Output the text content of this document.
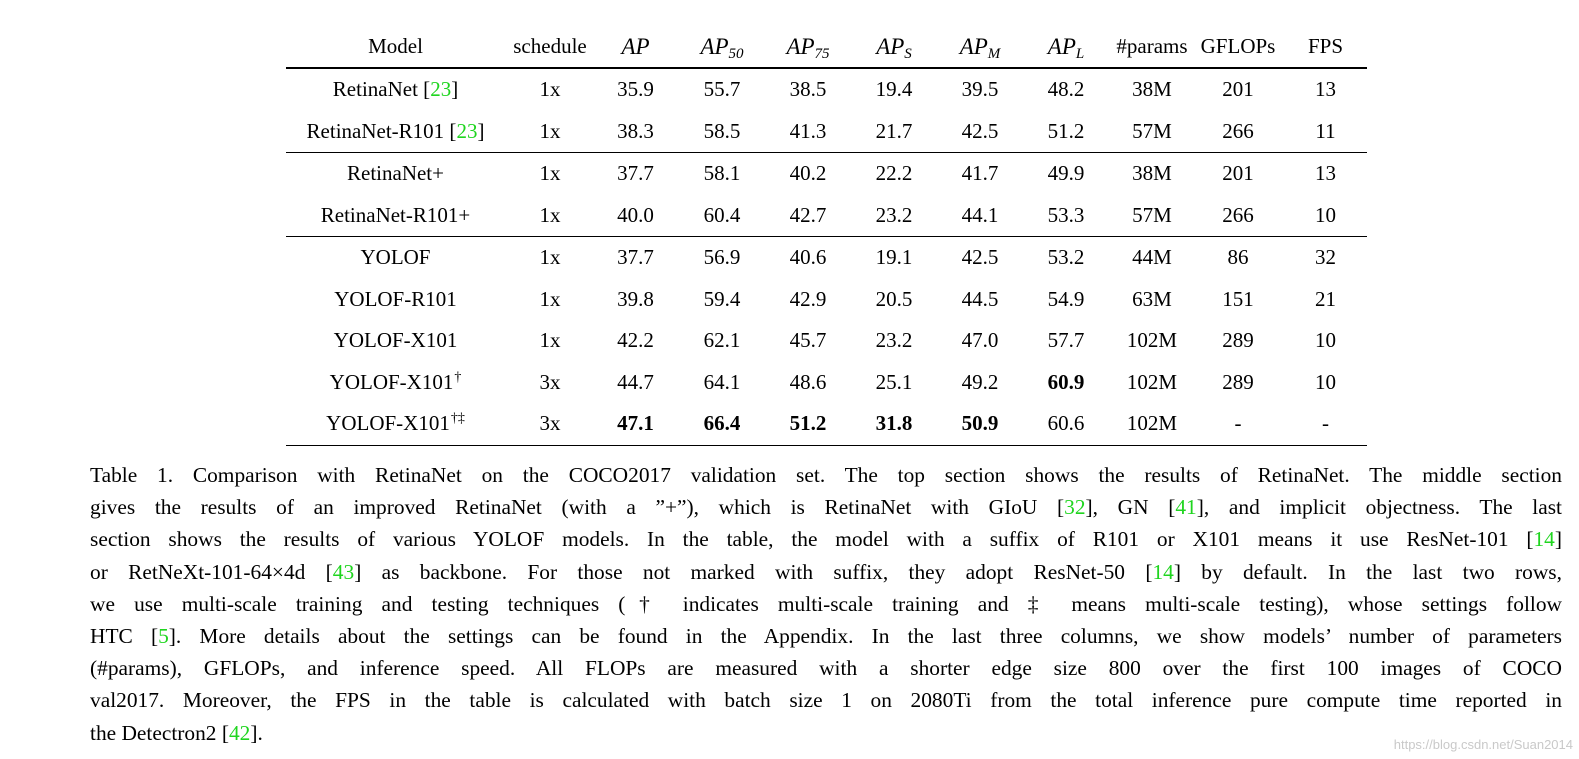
Model	schedule	AP	$AP_{50}$	$AP_{75}$	$AP_S$	$AP_M$	$AP_L$	#params	GFLOPs	FPS
RetinaNet [23]	1x	35.9	55.7	38.5	19.4	39.5	48.2	38M	201	13
RetinaNet-R101 [23]	1x	38.3	58.5	41.3	21.7	42.5	51.2	57M	266	11
RetinaNet+	1x	37.7	58.1	40.2	22.2	41.7	49.9	38M	201	13
RetinaNet-R101+	1x	40.0	60.4	42.7	23.2	44.1	53.3	57M	266	10
YOLOF	1x	37.7	56.9	40.6	19.1	42.5	53.2	44M	86	32
YOLOF-R101	1x	39.8	59.4	42.9	20.5	44.5	54.9	63M	151	21
YOLOF-X101	1x	42.2	62.1	45.7	23.2	47.0	57.7	102M	289	10
YOLOF-X101†	3x	44.7	64.1	48.6	25.1	49.2	60.9	102M	289	10
YOLOF-X101†‡	3x	47.1	66.4	51.2	31.8	50.9	60.6	102M	-	-
Table 1. Comparison with RetinaNet on the COCO2017 validation set. The top section shows the results of RetinaNet. The middle section
gives the results of an improved RetinaNet (with a ”+”), which is RetinaNet with GIoU [32], GN [41], and implicit objectness. The last
section shows the results of various YOLOF models. In the table, the model with a suffix of R101 or X101 means it use ResNet-101 [14]
or RetNeXt-101-64×4d [43] as backbone. For those not marked with suffix, they adopt ResNet-50 [14] by default. In the last two rows,
we use multi-scale training and testing techniques († indicates multi-scale training and ‡ means multi-scale testing), whose settings follow
HTC [5]. More details about the settings can be found in the Appendix. In the last three columns, we show models’ number of parameters
(#params), GFLOPs, and inference speed. All FLOPs are measured with a shorter edge size 800 over the first 100 images of COCO
val2017. Moreover, the FPS in the table is calculated with batch size 1 on 2080Ti from the total inference pure compute time reported in
the Detectron2 [42].	https://blog.csdn.net/Suan2014
